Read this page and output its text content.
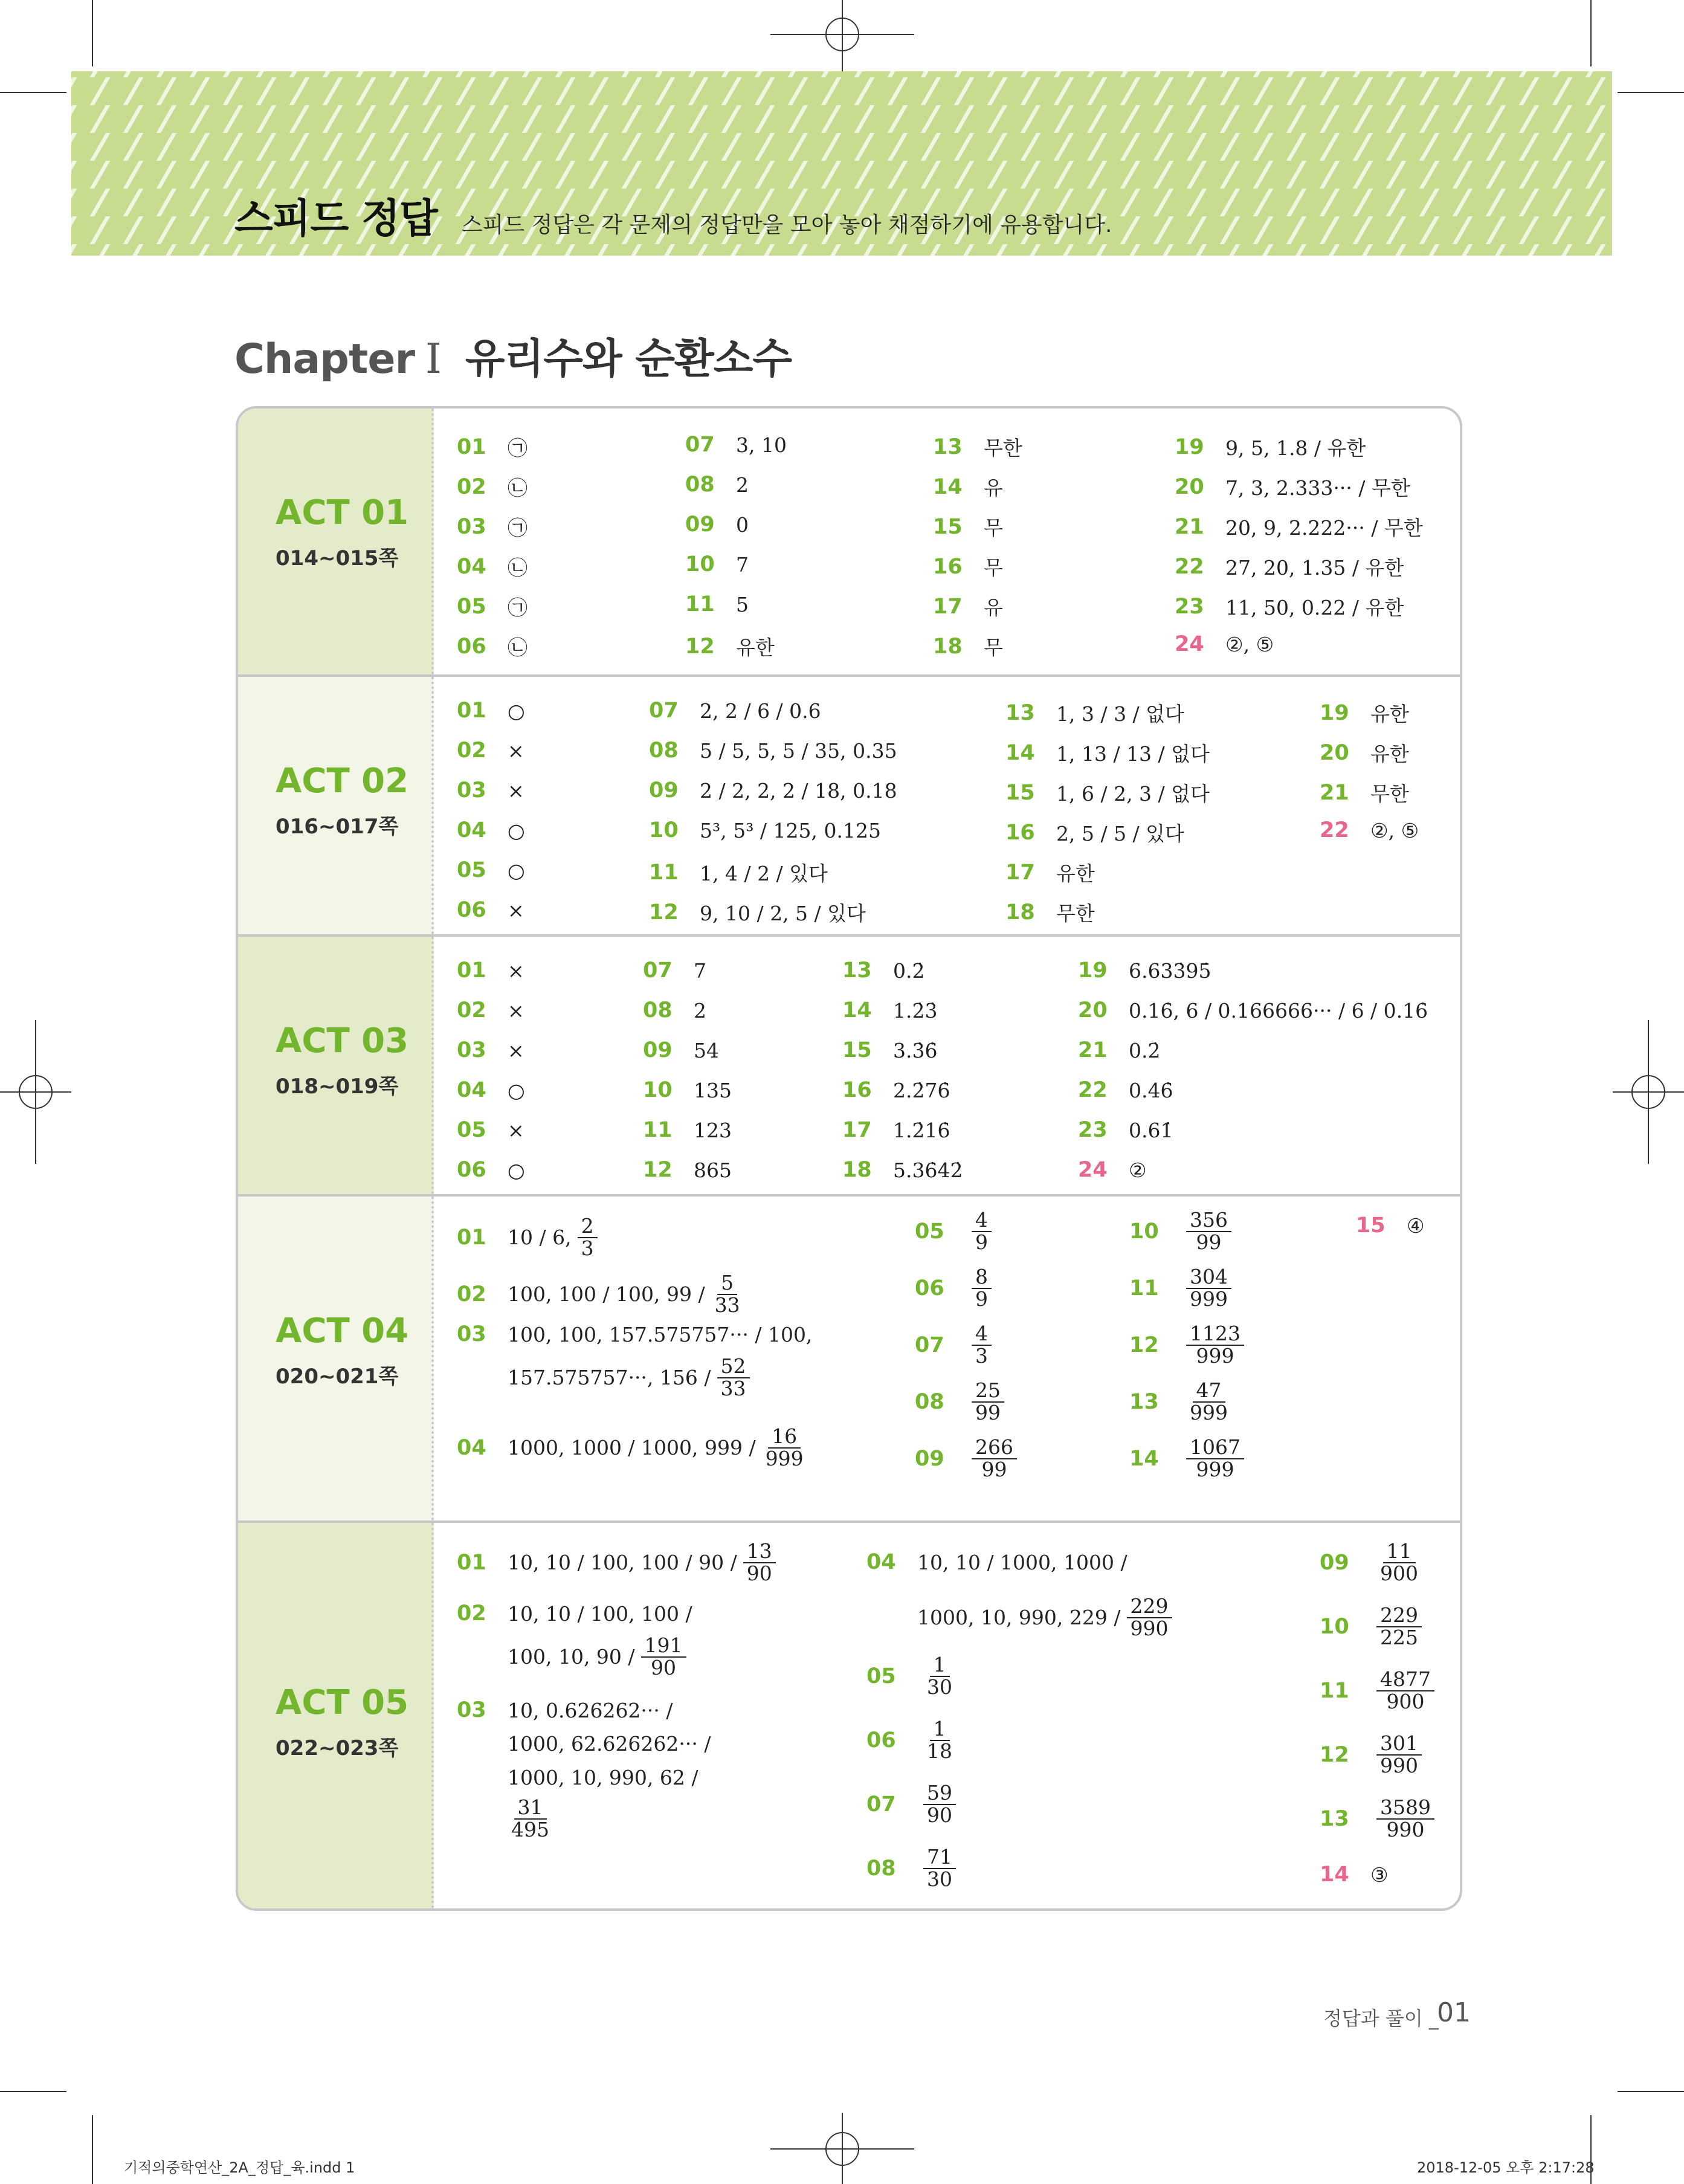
스피드 정답 스피드 정답은 각 문제의 정답만을 모아 놓아 채점하기에 유용합니다.
Chapter Ⅰ 유리수와 순환소수
ACT 01
014~015쪽
01	㉠
02	㉡
03	㉠
04	㉡
05	㉠
06	㉡
07	3, 10
08	2
09	0
10	7
11	5
12	유한
13	무한
14	유
15	무
16	무
17	유
18	무
19	9, 5, 1.8 / 유한
20	7, 3, 2.333··· / 무한
21	20, 9, 2.222··· / 무한
22	27, 20, 1.35 / 유한
23	11, 50, 0.22 / 유한
24	②, ⑤
ACT 02
016~017쪽
01	○
02	×
03	×
04	○
05	○
06	×
07	2, 2 / 6 / 0.6
08	5 / 5, 5, 5 / 35, 0.35
09	2 / 2, 2, 2 / 18, 0.18
10	5³, 5³ / 125, 0.125
11	1, 4 / 2 / 있다
12	9, 10 / 2, 5 / 있다
13	1, 3 / 3 / 없다
14	1, 13 / 13 / 없다
15	1, 6 / 2, 3 / 없다
16	2, 5 / 5 / 있다
17	유한
18	무한
19	유한
20	유한
21	무한
22	②, ⑤
ACT 03
018~019쪽
01	×
02	×
03	×
04	○
05	×
06	○
07	7
08	2
09	54
10	135
11	123
12	865
13	0.2̇
14	1.2̇3̇
15	3.3̇6̇
16	2.2̇76̇
17	1.2̇16̇
18	5.36̇42̇
19	6.633̇95̇
20	0.16̇, 6 / 0.166666··· / 6 / 0.16̇
21	0.2̇
22	0.46̇
23	0.61̇
24	②
ACT 04
020~021쪽
01	10 / 6, $\frac{2}{3}$
02	100, 100 / 100, $99 / \frac{5}{33}$
03	100, 100, 157.575757··· / 100,
157.575757···, $156 / \frac{52}{33}$
04	1000, 1000 / 1000, $999 / \frac{16}{999}$
05	$\frac{4}{9}$
06	$\frac{8}{9}$
07	$\frac{4}{3}$
08	$\frac{25}{99}$
09	$\frac{266}{99}$
10	$\frac{356}{99}$
11	$\frac{304}{999}$
12	$\frac{1123}{999}$
13	$\frac{47}{999}$
14	$\frac{1067}{999}$
15	④
ACT 05
022~023쪽
01	10, 10 / 100, $100 / 90 / \frac{13}{90}$
02	10, 10 / 100, 100 /
100, 10, $90 / \frac{191}{90}$
03	10, 0.626262··· /
1000, 62.626262··· /
1000, 10, 990, 62 /
$\frac{31}{495}$
04	10, 10 / 1000, 1000 /
1000, 10, 990, $229 / \frac{229}{990}$
05	$\frac{1}{30}$
06	$\frac{1}{18}$
07	$\frac{59}{90}$
08	$\frac{71}{30}$
09	$\frac{11}{900}$
10	$\frac{229}{225}$
11	$\frac{4877}{900}$
12	$\frac{301}{990}$
13	$\frac{3589}{990}$
14	③
정답과 풀이 _
01
기적의중학연산_2A_정답_육.indd 1	2018-12-05 오후 2:17:28
